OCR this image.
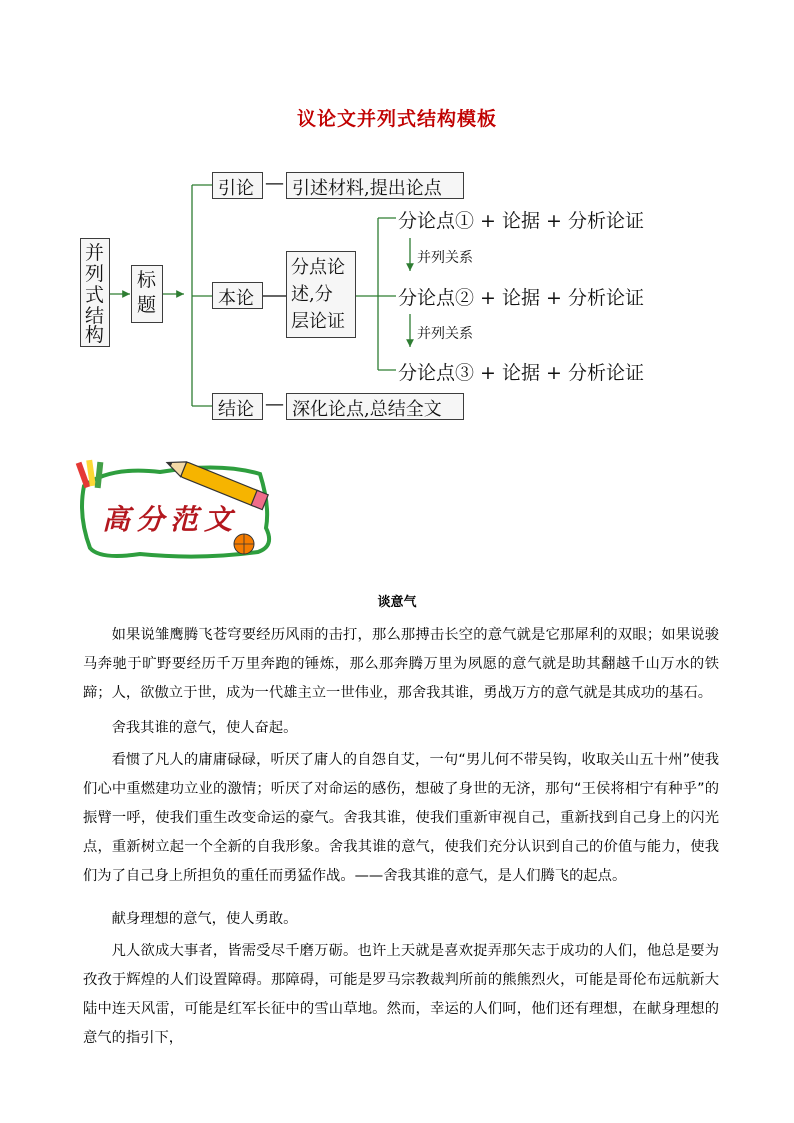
议论文并列式结构模板
并
列
式
结
构
标
题
引论 — 引述材料,提出论点
本论
分点论
述,分
层论证
分论点① + 论据 + 分析论证
并列关系
分论点② + 论据 + 分析论证
并列关系
分论点③ + 论据 + 分析论证
结论 — 深化论点,总结全文
高分范文
谈意气

如果说雏鹰腾飞苍穹要经历风雨的击打，那么那搏击长空的意气就是它那犀利的双眼；如果说骏马奔驰于旷野要经历千万里奔跑的锤炼，那么那奔腾万里为夙愿的意气就是助其翻越千山万水的铁蹄；人，欲傲立于世，成为一代雄主立一世伟业，那舍我其谁，勇战万方的意气就是其成功的基石。

舍我其谁的意气，使人奋起。

看惯了凡人的庸庸碌碌，听厌了庸人的自怨自艾，一句“男儿何不带吴钩，收取关山五十州”使我们心中重燃建功立业的激情；听厌了对命运的感伤，想破了身世的无济，那句“王侯将相宁有种乎”的振臂一呼，使我们重生改变命运的豪气。舍我其谁，使我们重新审视自己，重新找到自己身上的闪光点，重新树立起一个全新的自我形象。舍我其谁的意气，使我们充分认识到自己的价值与能力，使我们为了自己身上所担负的重任而勇猛作战。——舍我其谁的意气，是人们腾飞的起点。

献身理想的意气，使人勇敢。

凡人欲成大事者，皆需受尽千磨万砺。也许上天就是喜欢捉弄那矢志于成功的人们，他总是要为孜孜于辉煌的人们设置障碍。那障碍，可能是罗马宗教裁判所前的熊熊烈火，可能是哥伦布远航新大陆中连天风雷，可能是红军长征中的雪山草地。然而，幸运的人们呵，他们还有理想，在献身理想的意气的指引下，
